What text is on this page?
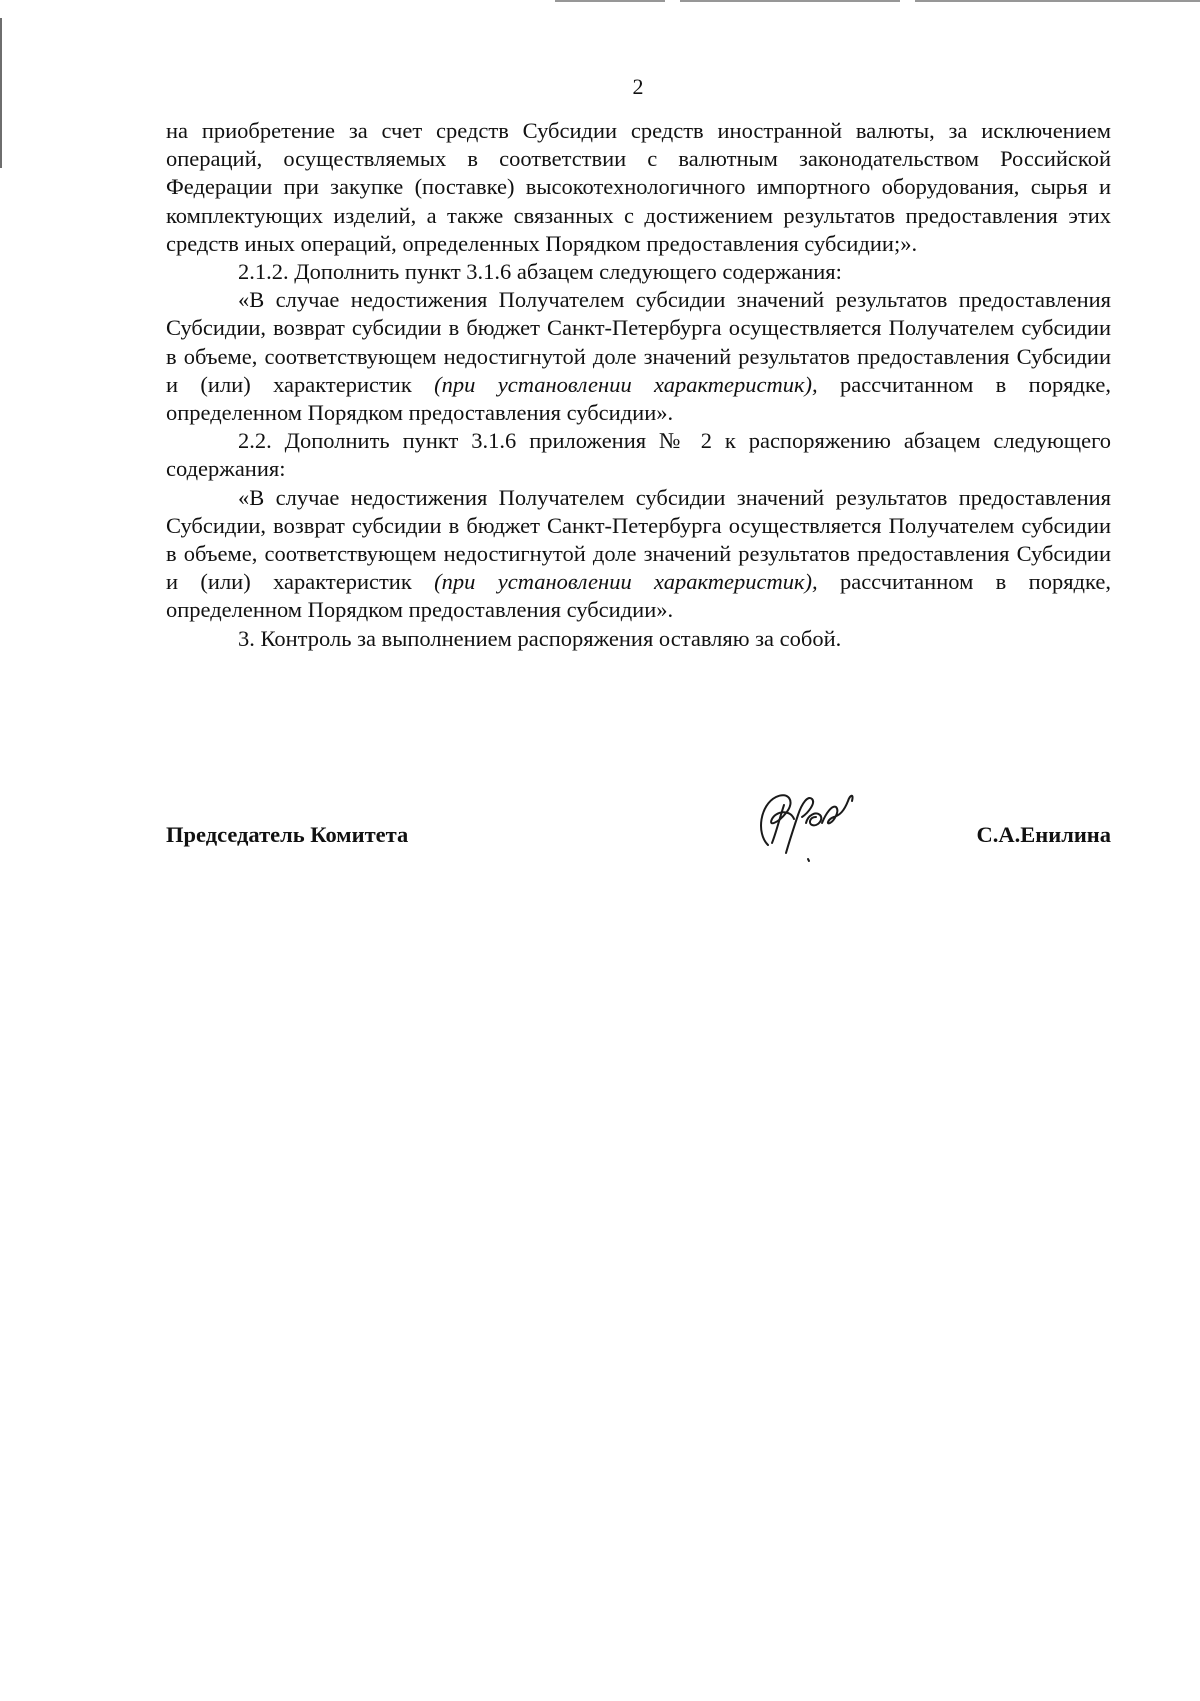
2

на приобретение за счет средств Субсидии средств иностранной валюты, за исключением операций, осуществляемых в соответствии с валютным законодательством Российской Федерации при закупке (поставке) высокотехнологичного импортного оборудования, сырья и комплектующих изделий, а также связанных с достижением результатов предоставления этих средств иных операций, определенных Порядком предоставления субсидии;».

2.1.2. Дополнить пункт 3.1.6 абзацем следующего содержания:

«В случае недостижения Получателем субсидии значений результатов предоставления Субсидии, возврат субсидии в бюджет Санкт-Петербурга осуществляется Получателем субсидии в объеме, соответствующем недостигнутой доле значений результатов предоставления Субсидии и (или) характеристик (при установлении характеристик), рассчитанном в порядке, определенном Порядком предоставления субсидии».

2.2. Дополнить пункт 3.1.6 приложения № 2 к распоряжению абзацем следующего содержания:

«В случае недостижения Получателем субсидии значений результатов предоставления Субсидии, возврат субсидии в бюджет Санкт-Петербурга осуществляется Получателем субсидии в объеме, соответствующем недостигнутой доле значений результатов предоставления Субсидии и (или) характеристик (при установлении характеристик), рассчитанном в порядке, определенном Порядком предоставления субсидии».

3. Контроль за выполнением распоряжения оставляю за собой.

Председатель Комитета	С.А.Енилина
